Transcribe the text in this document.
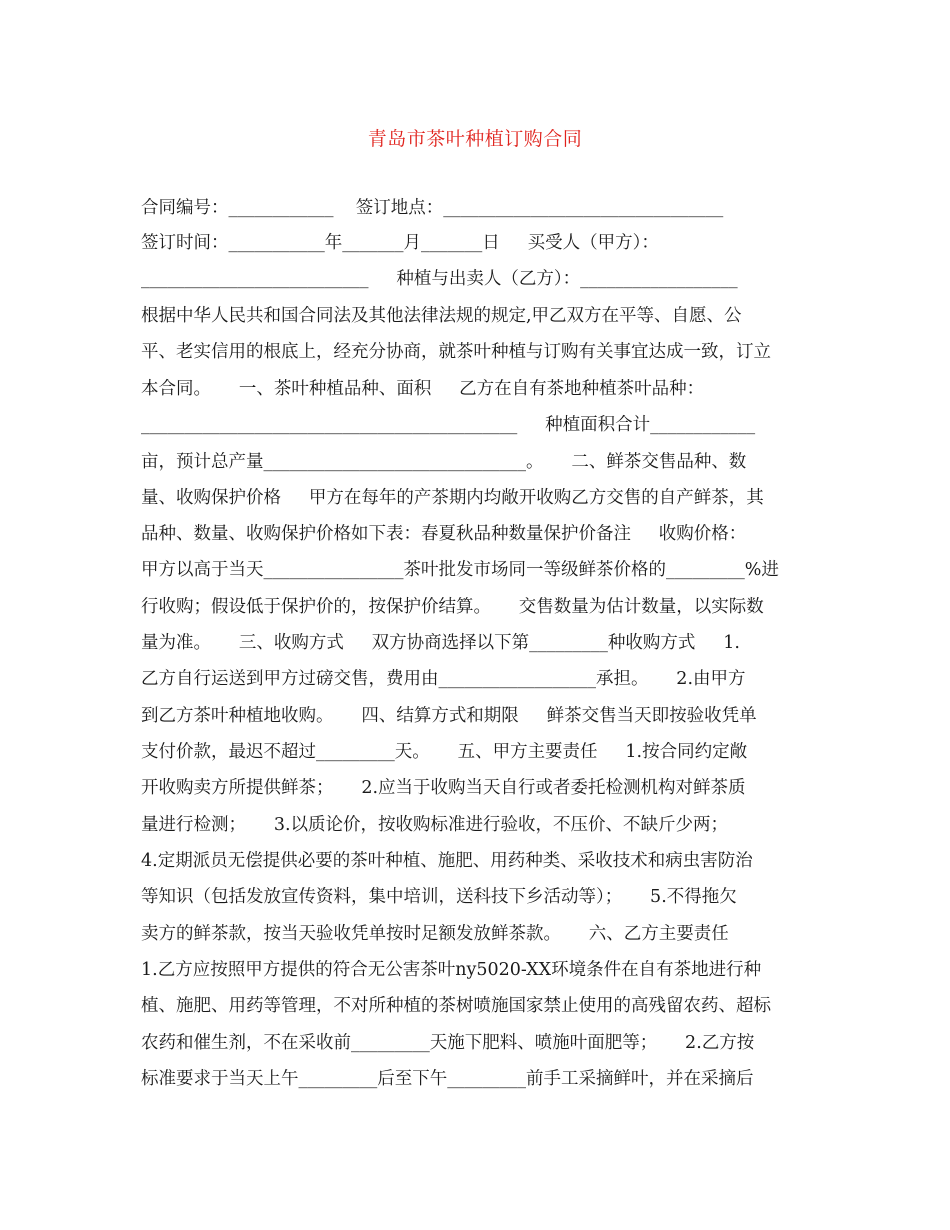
青岛市茶叶种植订购合同
合同编号：____________    签订地点：________________________________
签订时间：___________年_______月_______日     买受人（甲方）：
__________________________     种植与出卖人（乙方）：__________________
根据中华人民共和国合同法及其他法律法规的规定,甲乙双方在平等、自愿、公
平、老实信用的根底上，经充分协商，就茶叶种植与订购有关事宜达成一致，订立
本合同。     一、茶叶种植品种、面积     乙方在自有茶地种植茶叶品种：
___________________________________________     种植面积合计____________
亩，预计总产量______________________________。     二、鲜茶交售品种、数
量、收购保护价格     甲方在每年的产茶期内均敞开收购乙方交售的自产鲜茶，其
品种、数量、收购保护价格如下表：春夏秋品种数量保护价备注     收购价格：
甲方以高于当天________________茶叶批发市场同一等级鲜茶价格的_________%进
行收购；假设低于保护价的，按保护价结算。     交售数量为估计数量，以实际数
量为准。     三、收购方式     双方协商选择以下第_________种收购方式     1.
乙方自行运送到甲方过磅交售，费用由__________________承担。     2.由甲方
到乙方茶叶种植地收购。     四、结算方式和期限     鲜茶交售当天即按验收凭单
支付价款，最迟不超过_________天。     五、甲方主要责任     1.按合同约定敞
开收购卖方所提供鲜茶；     2.应当于收购当天自行或者委托检测机构对鲜茶质
量进行检测；     3.以质论价，按收购标准进行验收，不压价、不缺斤少两；
4.定期派员无偿提供必要的茶叶种植、施肥、用药种类、采收技术和病虫害防治
等知识（包括发放宣传资料，集中培训，送科技下乡活动等）；     5.不得拖欠
卖方的鲜茶款，按当天验收凭单按时足额发放鲜茶款。     六、乙方主要责任
1.乙方应按照甲方提供的符合无公害茶叶ny5020-XX环境条件在自有茶地进行种
植、施肥、用药等管理，不对所种植的茶树喷施国家禁止使用的高残留农药、超标
农药和催生剂，不在采收前_________天施下肥料、喷施叶面肥等；     2.乙方按
标准要求于当天上午_________后至下午_________前手工采摘鲜叶，并在采摘后
